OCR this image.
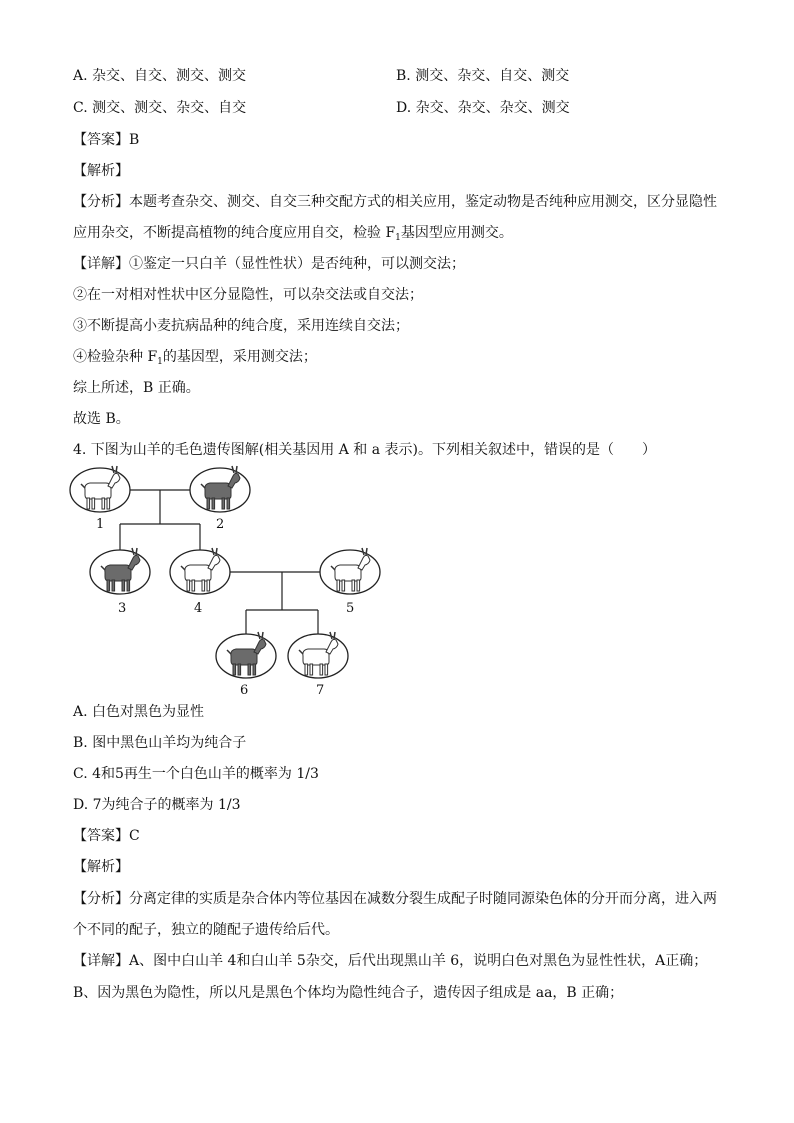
A. 杂交、自交、测交、测交	B. 测交、杂交、自交、测交
C. 测交、测交、杂交、自交	D. 杂交、杂交、杂交、测交
【答案】B
【解析】
【分析】本题考查杂交、测交、自交三种交配方式的相关应用，鉴定动物是否纯种应用测交，区分显隐性
应用杂交，不断提高植物的纯合度应用自交，检验 $F_1$基因型应用测交。
【详解】①鉴定一只白羊（显性性状）是否纯种，可以测交法；
②在一对相对性状中区分显隐性，可以杂交法或自交法；
③不断提高小麦抗病品种的纯合度，采用连续自交法；
④检验杂种 $F_1$的基因型，采用测交法；
综上所述，B 正确。
故选 B。
4. 下图为山羊的毛色遗传图解(相关基因用 A 和 a 表示)。下列相关叙述中，错误的是（　　）
1	2
3	4	5
6	7
A. 白色对黑色为显性
B. 图中黑色山羊均为纯合子
C. 4和5再生一个白色山羊的概率为 1/3
D. 7为纯合子的概率为 1/3
【答案】C
【解析】
【分析】分离定律的实质是杂合体内等位基因在减数分裂生成配子时随同源染色体的分开而分离，进入两
个不同的配子，独立的随配子遗传给后代。
【详解】A、图中白山羊 4和白山羊 5杂交，后代出现黑山羊 6，说明白色对黑色为显性性状，A正确；
B、因为黑色为隐性，所以凡是黑色个体均为隐性纯合子，遗传因子组成是 aa，B 正确；
